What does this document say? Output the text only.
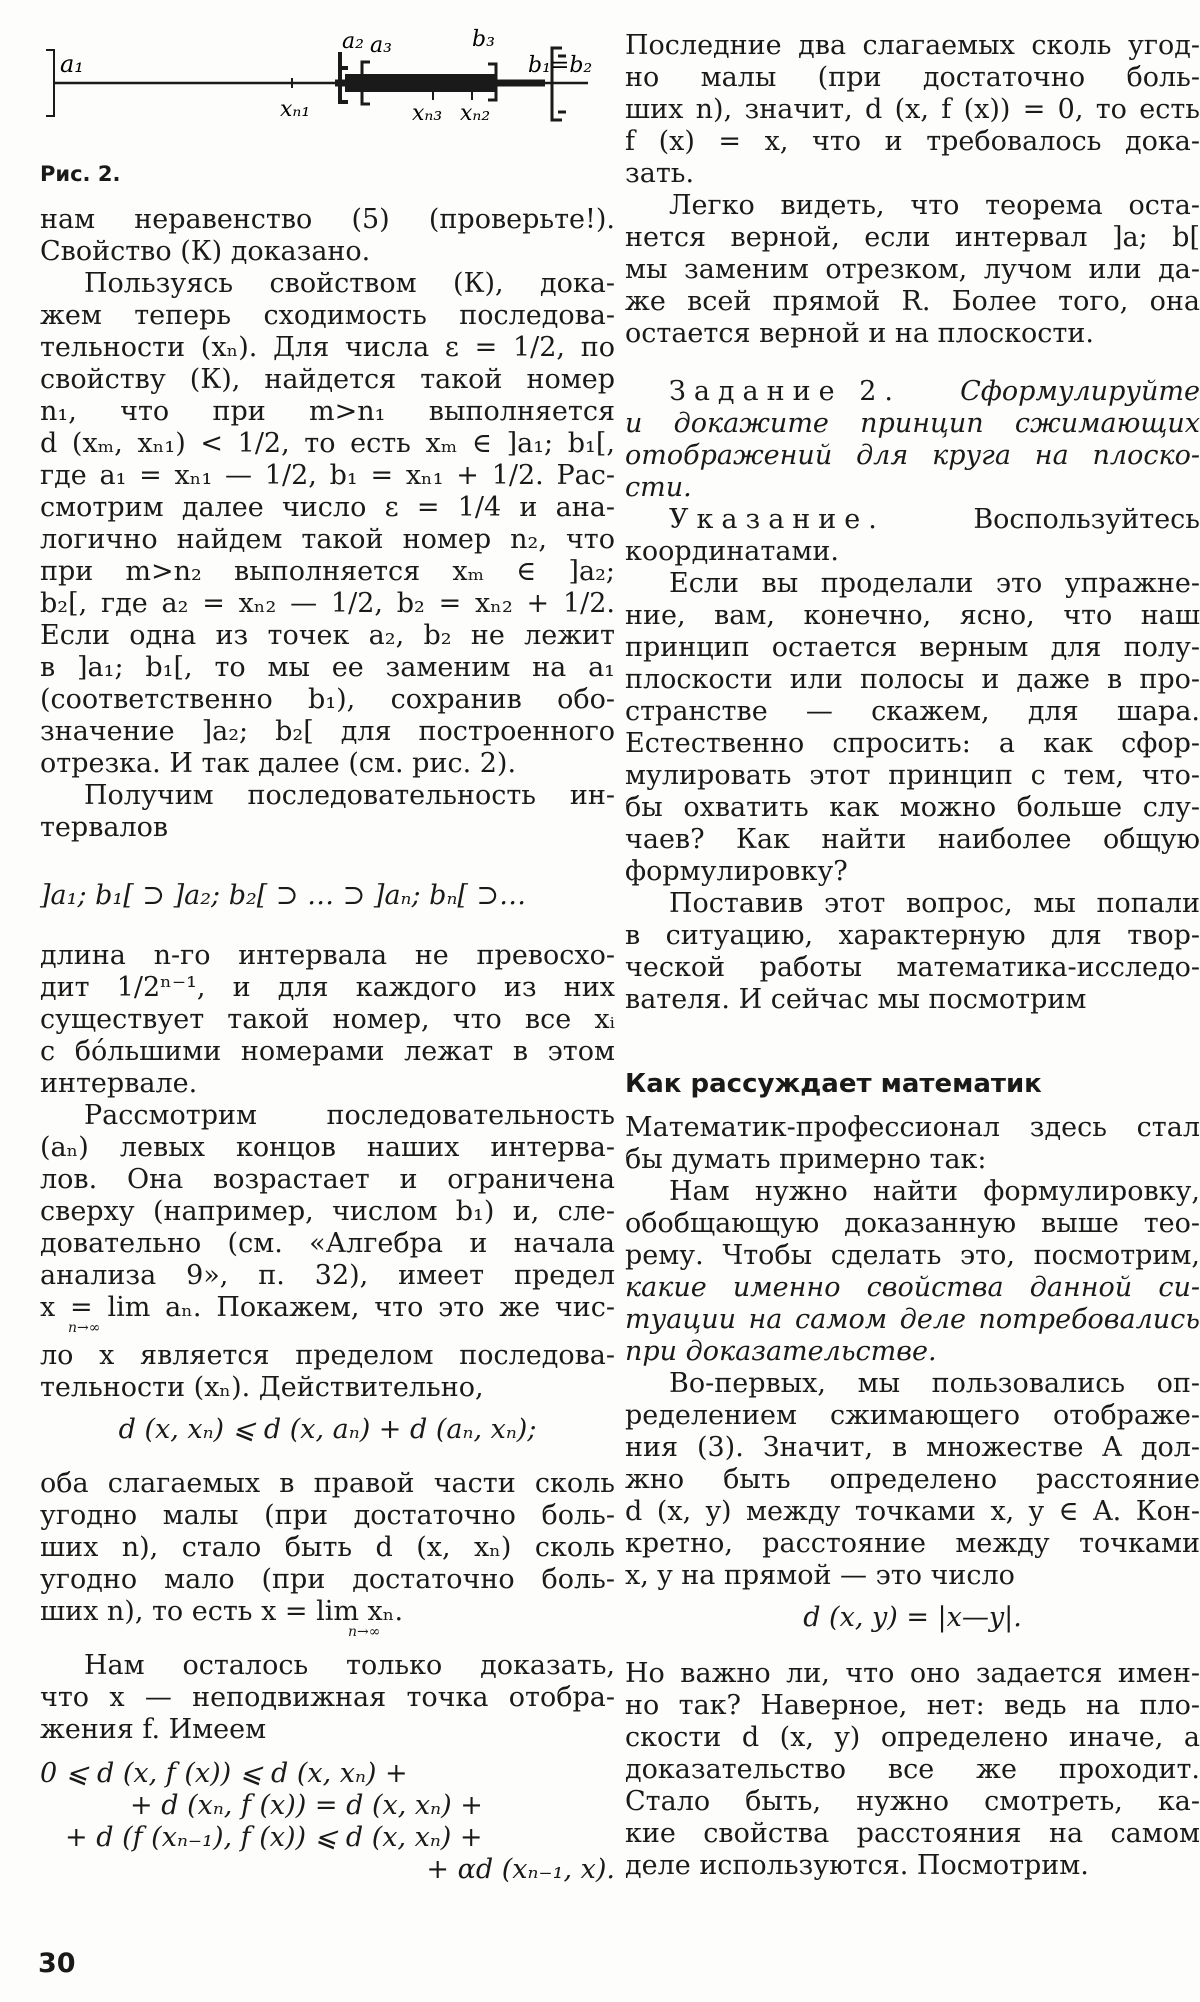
a₁
a₂ a₃	b₃
b₁=b₂
xₙ₁	xₙ₃ xₙ₂
Рис. 2.
нам неравенство (5) (проверьте!).
Свойство (К) доказано.
Пользуясь свойством (К), дока-
жем теперь сходимость последова-
тельности (xₙ). Для числа ε = 1/2, по
свойству (К), найдется такой номер
n₁, что при m>n₁ выполняется
d (xₘ, xₙ₁) < 1/2, то есть xₘ ∈ ]a₁; b₁[,
где a₁ = xₙ₁ — 1/2, b₁ = xₙ₁ + 1/2. Рас-
смотрим далее число ε = 1/4 и ана-
логично найдем такой номер n₂, что
при m>n₂ выполняется xₘ ∈ ]a₂;
b₂[, где a₂ = xₙ₂ — 1/2, b₂ = xₙ₂ + 1/2.
Если одна из точек a₂, b₂ не лежит
в ]a₁; b₁[, то мы ее заменим на a₁
(соответственно b₁), сохранив обо-
значение ]a₂; b₂[ для построенного
отрезка. И так далее (см. рис. 2).
Получим последовательность ин-
тервалов
]a₁; b₁[ ⊃ ]a₂; b₂[ ⊃ … ⊃ ]aₙ; bₙ[ ⊃…
длина n-го интервала не превосхо-
дит 1/2ⁿ⁻¹, и для каждого из них
существует такой номер, что все xᵢ
с бо́льшими номерами лежат в этом
интервале.
Рассмотрим последовательность
(aₙ) левых концов наших интерва-
лов. Она возрастает и ограничена
сверху (например, числом b₁) и, сле-
довательно (см. «Алгебра и начала
анализа 9», п. 32), имеет предел
x = lim aₙ. Покажем, что это же чис-
n→∞
ло x является пределом последова-
тельности (xₙ). Действительно,
d (x, xₙ) ⩽ d (x, aₙ) + d (aₙ, xₙ);
оба слагаемых в правой части сколь
угодно малы (при достаточно боль-
ших n), стало быть d (x, xₙ) сколь
угодно мало (при достаточно боль-
ших n), то есть x = lim xₙ.
n→∞
Нам осталось только доказать,
что x — неподвижная точка отобра-
жения f. Имеем
0 ⩽ d (x, f (x)) ⩽ d (x, xₙ) +
+ d (xₙ, f (x)) = d (x, xₙ) +
+ d (f (xₙ₋₁), f (x)) ⩽ d (x, xₙ) +
+ αd (xₙ₋₁, x).
Последние два слагаемых сколь угод-
но малы (при достаточно боль-
ших n), значит, d (x, f (x)) = 0, то есть
f (x) = x, что и требовалось дока-
зать.
Легко видеть, что теорема оста-
нется верной, если интервал ]a; b[
мы заменим отрезком, лучом или да-
же всей прямой R. Более того, она
остается верной и на плоскости.
Задание 2. Сформулируйте
и докажите принцип сжимающих
отображений для круга на плоско-
сти.
Указание.	Воспользуйтесь
координатами.
Если вы проделали это упражне-
ние, вам, конечно, ясно, что наш
принцип остается верным для полу-
плоскости или полосы и даже в про-
странстве — скажем, для шара.
Естественно спросить: а как сфор-
мулировать этот принцип с тем, что-
бы охватить как можно больше слу-
чаев? Как найти наиболее общую
формулировку?
Поставив этот вопрос, мы попали
в ситуацию, характерную для твор-
ческой работы математика-исследо-
вателя. И сейчас мы посмотрим
Как рассуждает математик
Математик-профессионал здесь стал
бы думать примерно так:
Нам нужно найти формулировку,
обобщающую доказанную выше тео-
рему. Чтобы сделать это, посмотрим,
какие именно свойства данной си-
туации на самом деле потребовались
при доказательстве.
Во-первых, мы пользовались оп-
ределением сжимающего отображе-
ния (3). Значит, в множестве A дол-
жно быть определено расстояние
d (x, y) между точками x, y ∈ A. Кон-
кретно, расстояние между точками
x, y на прямой — это число
d (x, y) = |x—y|.
Но важно ли, что оно задается имен-
но так? Наверное, нет: ведь на пло-
скости d (x, y) определено иначе, а
доказательство все же проходит.
Стало быть, нужно смотреть, ка-
кие свойства расстояния на самом
деле используются. Посмотрим.
30
